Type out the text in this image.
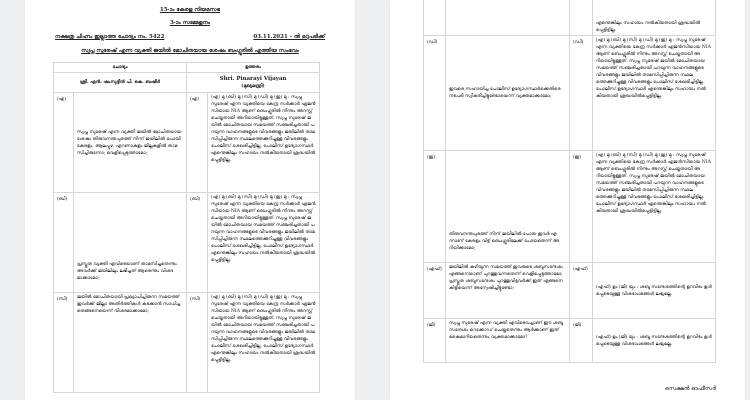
15-ാം കേരള നിയമസഭ
3-ാം സമ്മേളനം
നക്ഷത്ര ചിഹ്നം ഇല്ലാത്ത ചോദ്യം നം. 5422	03.11.2021 - ൽ മറുപടിക്ക്
സ്വപ്ന സുരേഷ് എന്ന വ്യക്തി ജയിൽ മോചിതയായ ശേഷം ബംഗ്ലൂരിൽ എത്തിയ സംഭവം
ചോദ്യം		ഉത്തരം	
ശ്രീ. എൻ. ഷംസുദ്ദീൻ പി. കെ. ബഷീർ		Shri. Pinarayi Vijayan
(മുഖ്യമന്ത്രി)	

(എ)	സ്വപ്ന സുരേഷ് എന്ന വ്യക്തി ജയിൽ മോചിതയായ ശേഷം തിരുവനന്തപുരത്ത് നിന്ന് ജയിലിൽ പോയി കേരളം, ആലപ്പുഴ, എറണാകുളം ജില്ലകളിൽ താമസിച്ചിരുന്നോ; വെളിപ്പെടുത്താമോ;	(എ)	(എ) മു (ബി) മു (സി) മു (ഡി) മു (ഇ) മു : സ്വപ്ന സുരേഷ് എന്ന വ്യക്തിയെ കേന്ദ്ര സർക്കാർ ഏജൻസിയായ NIA ആണ് ബെംഗ്ലൂരിൽ നിന്നും അറസ്റ്റ് ചെയ്തതായി അറിയായിട്ടുള്ളത്. സ്വപ്ന സുരേഷ് ജയിൽ മോചിതയായ സമയത്ത് സഞ്ചരിച്ചതായി പറയുന്ന വാഹനങ്ങളുടെ വിവരങ്ങളും ജയിലിൽ താമസിപ്പിച്ചിരുന്ന സ്ഥലത്തെക്കുറിച്ചുള്ള വിവരങ്ങളും പോലീസ് ശേഖരിച്ചിട്ടില്ല. പോലീസ് ഉദ്യോഗസ്ഥർ എന്തെങ്കിലും സഹായം നൽകിയതായി ശ്രദ്ധയിൽപ്പെട്ടിട്ടില്ല.
(ബി)	പ്രസ്തുത വ്യക്തി എവിടെയാണ് താമസിച്ചതെന്നും അവർക്ക് ജയിലിലും ലഭിച്ചത് ആരെന്നും വിശദമാക്കാമോ;	(ബി)	(എ) മു (ബി) മു (സി) മു (ഡി) മു (ഇ) മു : സ്വപ്ന സുരേഷ് എന്ന വ്യക്തിയെ കേന്ദ്ര സർക്കാർ ഏജൻസിയായ NIA ആണ് ബെംഗ്ലൂരിൽ നിന്നും അറസ്റ്റ് ചെയ്തതായി അറിയായിട്ടുള്ളത്. സ്വപ്ന സുരേഷ് ജയിൽ മോചിതയായ സമയത്ത് സഞ്ചരിച്ചതായി പറയുന്ന വാഹനങ്ങളുടെ വിവരങ്ങളും ജയിലിൽ താമസിപ്പിച്ചിരുന്ന സ്ഥലത്തെക്കുറിച്ചുള്ള വിവരങ്ങളും പോലീസ് ശേഖരിച്ചിട്ടില്ല. പോലീസ് ഉദ്യോഗസ്ഥർ എന്തെങ്കിലും സഹായം നൽകിയതായി ശ്രദ്ധയിൽപ്പെട്ടിട്ടില്ല.
(സി)	ജയിൽ മോചിതയായി പ്രഖ്യാപിച്ചിരുന്ന സമയത്ത് ഇവർക്ക് ജില്ലാ അതിർത്തികൾ കടക്കാൻ സാധിച്ചതെങ്ങനെയെന്ന് വിശദമാക്കാമോ;	(സി)	(എ) മു (ബി) മു (സി) മു (ഡി) മു (ഇ) മു : സ്വപ്ന സുരേഷ് എന്ന വ്യക്തിയെ കേന്ദ്ര സർക്കാർ ഏജൻസിയായ NIA ആണ് ബെംഗ്ലൂരിൽ നിന്നും അറസ്റ്റ് ചെയ്തതായി അറിയായിട്ടുള്ളത്. സ്വപ്ന സുരേഷ് ജയിൽ മോചിതയായ സമയത്ത് സഞ്ചരിച്ചതായി പറയുന്ന വാഹനങ്ങളുടെ വിവരങ്ങളും ജയിലിൽ താമസിപ്പിച്ചിരുന്ന സ്ഥലത്തെക്കുറിച്ചുള്ള വിവരങ്ങളും പോലീസ് ശേഖരിച്ചിട്ടില്ല. പോലീസ് ഉദ്യോഗസ്ഥർ എന്തെങ്കിലും സഹായം നൽകിയതായി ശ്രദ്ധയിൽപ്പെട്ടിട്ടില്ല.
			എന്തെങ്കിലും സഹായം നൽകിയതായി ശ്രദ്ധയിൽപ്പെട്ടിട്ടില്ല.
(ഡി)	ഇവരെ സഹായിച്ച പോലീസ് ഉദ്യോഗസ്ഥർക്കെതിരെ നടപടി സ്വീകരിച്ചിട്ടുണ്ടോയെന്ന് വ്യക്തമാക്കാമോ;	(ഡി)	(എ) മു (ബി) മു (സി) മു (ഡി) മു (ഇ) മു : സ്വപ്ന സുരേഷ് എന്ന വ്യക്തിയെ കേന്ദ്ര സർക്കാർ ഏജൻസിയായ NIA ആണ് ബെംഗ്ലൂരിൽ നിന്നും അറസ്റ്റ് ചെയ്തതായി അറിയായിട്ടുള്ളത്. സ്വപ്ന സുരേഷ് ജയിൽ മോചിതയായ സമയത്ത് സഞ്ചരിച്ചതായി പറയുന്ന വാഹനങ്ങളുടെ വിവരങ്ങളും ജയിലിൽ താമസിപ്പിച്ചിരുന്ന സ്ഥലത്തെക്കുറിച്ചുള്ള വിവരങ്ങളും പോലീസ് ശേഖരിച്ചിട്ടില്ല. പോലീസ് ഉദ്യോഗസ്ഥർ എന്തെങ്കിലും സഹായം നൽകിയതായി ശ്രദ്ധയിൽപ്പെട്ടിട്ടില്ല.
(ഇ)	തിരുവനന്തപുരത്ത് നിന്ന് ജയിലിൽ പോയ ഇവർ എന്നാണ് കേരളം വിട്ട് ബെംഗ്ലൂരിലേക്ക് പോയതെന്ന് അറിയിക്കാമോ;	(ഇ)	(എ) മു (ബി) മു (സി) മു (ഡി) മു (ഇ) മു : സ്വപ്ന സുരേഷ് എന്ന വ്യക്തിയെ കേന്ദ്ര സർക്കാർ ഏജൻസിയായ NIA ആണ് ബെംഗ്ലൂരിൽ നിന്നും അറസ്റ്റ് ചെയ്തതായി അറിയായിട്ടുള്ളത്. സ്വപ്ന സുരേഷ് ജയിൽ മോചിതയായ സമയത്ത് സഞ്ചരിച്ചതായി പറയുന്ന വാഹനങ്ങളുടെ വിവരങ്ങളും ജയിലിൽ താമസിപ്പിച്ചിരുന്ന സ്ഥലത്തെക്കുറിച്ചുള്ള വിവരങ്ങളും പോലീസ് ശേഖരിച്ചിട്ടില്ല. പോലീസ് ഉദ്യോഗസ്ഥർ എന്തെങ്കിലും സഹായം നൽകിയതായി ശ്രദ്ധയിൽപ്പെട്ടിട്ടില്ല.
(എഫ്)	ജയിലിൽ കഴിയുന്ന സമയത്ത് ഇവരുടെ ശബ്ദസന്ദേശം എങ്ങനെയാണ് പുറത്തുവന്നതെന്ന് വെളിപ്പെടുത്താമോ; പ്രസ്തുത ശബ്ദസന്ദേശം പുറത്തുവിട്ടവർക്ക് ഇത് എങ്ങനെ കിട്ടിയെന്ന് അന്വേഷിച്ചിട്ടുണ്ടോ;	(എഫ്)	(എഫ്) ഉം (ജി) യും : ശബ്ദ സന്ദേശത്തിന്റെ ഉറവിടം ഉൾപ്പെടെയുള്ള വിശദാംശങ്ങൾ ലഭ്യമല്ല.
(ജി)	സ്വപ്ന സുരേഷ് എന്ന വ്യക്തി എവിടെവച്ചാണ് ഈ ശബ്ദ സന്ദേശം റെക്കോഡ് ചെയ്തതെന്നും ആർക്കാണ് ഇത് കൈമാറിയതെന്നും വ്യക്തമാക്കാമോ?	(ജി)	(എഫ്) ഉം (ജി) യും : ശബ്ദ സന്ദേശത്തിന്റെ ഉറവിടം ഉൾപ്പെടെയുള്ള വിശദാംശങ്ങൾ ലഭ്യമല്ല.
സെക്ഷൻ ഓഫീസർ
